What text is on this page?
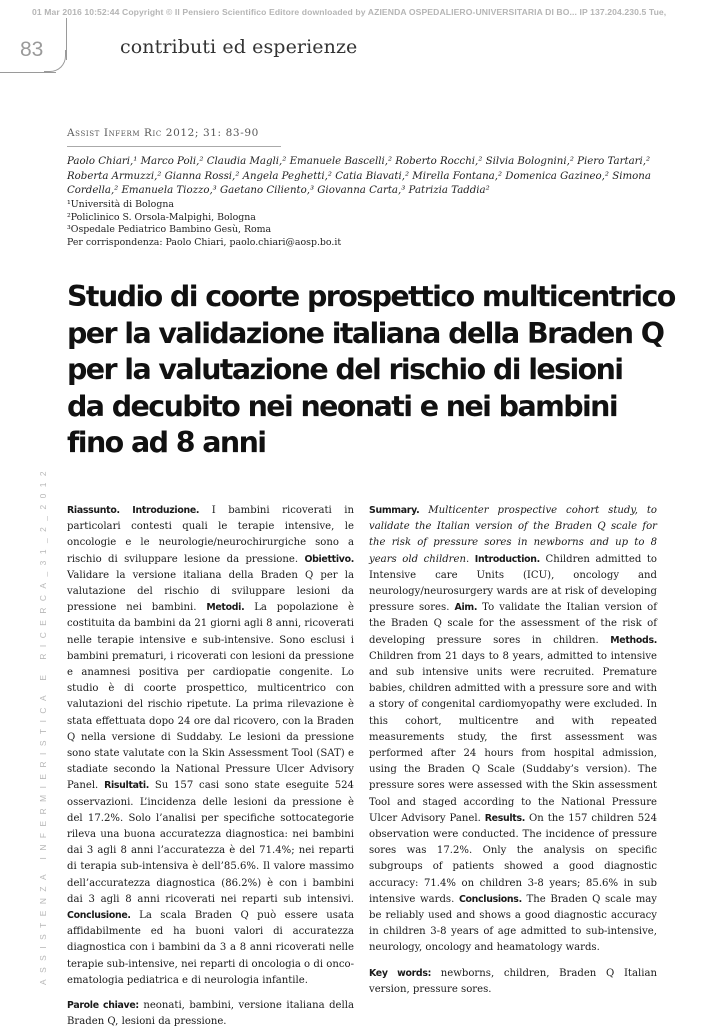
01 Mar 2016 10:52:44 Copyright © Il Pensiero Scientifico Editore downloaded by AZIENDA OSPEDALIERO-UNIVERSITARIA DI BO... IP 137.204.230.5 Tue,
83	contributi ed esperienze
Assist Inferm Ric 2012; 31: 83-90
Paolo Chiari,¹ Marco Poli,² Claudia Magli,² Emanuele Bascelli,² Roberto Rocchi,² Silvia Bolognini,² Piero Tartari,² Roberta Armuzzi,² Gianna Rossi,² Angela Peghetti,² Catia Biavati,² Mirella Fontana,² Domenica Gazineo,² Simona Cordella,² Emanuela Tiozzo,³ Gaetano Ciliento,³ Giovanna Carta,³ Patrizia Taddia²
¹Università di Bologna
²Policlinico S. Orsola-Malpighi, Bologna
³Ospedale Pediatrico Bambino Gesù, Roma
Per corrispondenza: Paolo Chiari, paolo.chiari@aosp.bo.it
Studio di coorte prospettico multicentrico
per la validazione italiana della Braden Q
per la valutazione del rischio di lesioni
da decubito nei neonati e nei bambini
fino ad 8 anni
ASSISTENZA INFERMIERISTICA E RICERCA_31_2_2012 Riassunto. Introduzione. I bambini ricoverati in particolari contesti quali le terapie intensive, le oncologie e le neurologie/neurochirurgiche sono a rischio di sviluppare lesione da pressione. Obiettivo. Validare la versione italiana della Braden Q per la valutazione del rischio di sviluppare lesioni da pressione nei bambini. Metodi. La popolazione è costituita da bambini da 21 giorni agli 8 anni, ricoverati nelle terapie intensive e sub-intensive. Sono esclusi i bambini prematuri, i ricoverati con lesioni da pressione e anamnesi positiva per cardiopatie congenite. Lo studio è di coorte prospettico, multicentrico con valutazioni del rischio ripetute. La prima rilevazione è stata effettuata dopo 24 ore dal ricovero, con la Braden Q nella versione di Suddaby. Le lesioni da pressione sono state valutate con la Skin Assessment Tool (SAT) e stadiate secondo la National Pressure Ulcer Advisory Panel. Risultati. Su 157 casi sono state eseguite 524 osservazioni. L’incidenza delle lesioni da pressione è del 17.2%. Solo l’analisi per specifiche sottocategorie rileva una buona accuratezza diagnostica: nei bambini dai 3 agli 8 anni l’accuratezza è del 71.4%; nei reparti di terapia sub-intensiva è dell’85.6%. Il valore massimo dell’accuratezza diagnostica (86.2%) è con i bambini dai 3 agli 8 anni ricoverati nei reparti sub intensivi. Conclusione. La scala Braden Q può essere usata affidabilmente ed ha buoni valori di accuratezza diagnostica con i bambini da 3 a 8 anni ricoverati nelle terapie sub-intensive, nei reparti di oncologia o di onco-ematologia pediatrica e di neurologia infantile.

Parole chiave: neonati, bambini, versione italiana della Braden Q, lesioni da pressione.

Summary. Multicenter prospective cohort study, to validate the Italian version of the Braden Q scale for the risk of pressure sores in newborns and up to 8 years old children. Introduction. Children admitted to Intensive care Units (ICU), oncology and neurology/neurosurgery wards are at risk of developing pressure sores. Aim. To validate the Italian version of the Braden Q scale for the assessment of the risk of developing pressure sores in children. Methods. Children from 21 days to 8 years, admitted to intensive and sub intensive units were recruited. Premature babies, children admitted with a pressure sore and with a story of congenital cardiomyopathy were excluded. In this cohort, multicentre and with repeated measurements study, the first assessment was performed after 24 hours from hospital admission, using the Braden Q Scale (Suddaby’s version). The pressure sores were assessed with the Skin assessment Tool and staged according to the National Pressure Ulcer Advisory Panel. Results. On the 157 children 524 observation were conducted. The incidence of pressure sores was 17.2%. Only the analysis on specific subgroups of patients showed a good diagnostic accuracy: 71.4% on children 3-8 years; 85.6% in sub intensive wards. Conclusions. The Braden Q scale may be reliably used and shows a good diagnostic accuracy in children 3-8 years of age admitted to sub-intensive, neurology, oncology and heamatology wards.

Key words: newborns, children, Braden Q Italian version, pressure sores.
